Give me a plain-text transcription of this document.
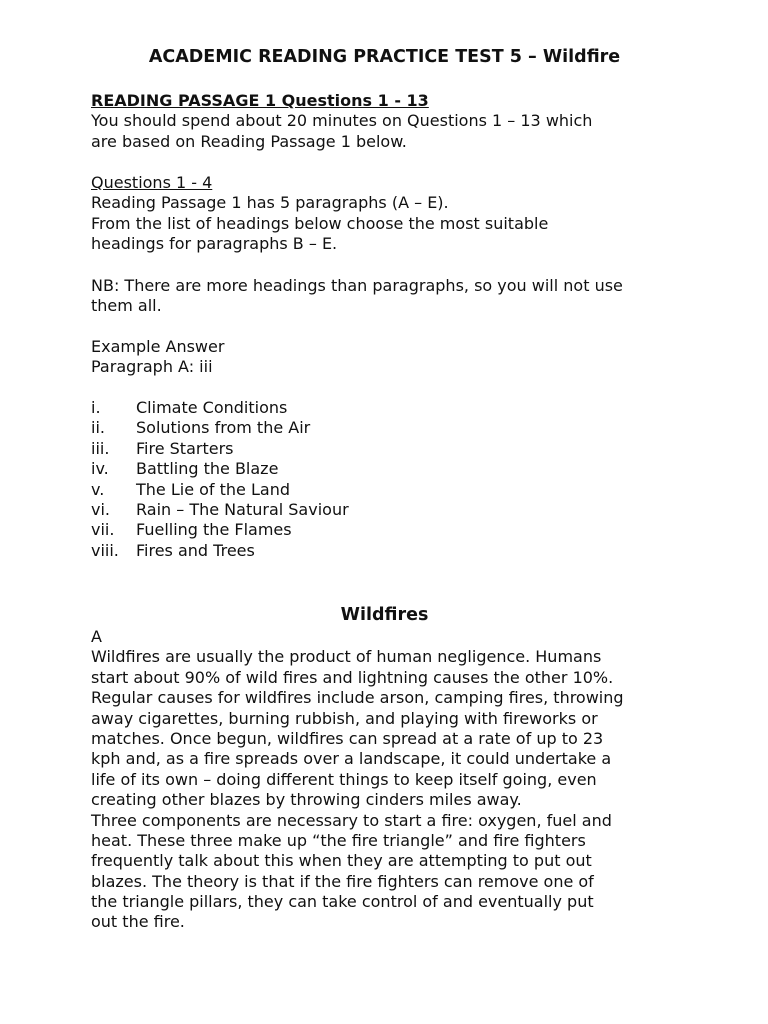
ACADEMIC READING PRACTICE TEST 5 – Wildfire
READING PASSAGE 1 Questions 1 - 13
You should spend about 20 minutes on Questions 1 – 13 which
are based on Reading Passage 1 below.
Questions 1 - 4
Reading Passage 1 has 5 paragraphs (A – E).
From the list of headings below choose the most suitable
headings for paragraphs B – E.
NB: There are more headings than paragraphs, so you will not use
them all.
Example Answer
Paragraph A: iii
i.	Climate Conditions
ii.	Solutions from the Air
iii.	Fire Starters
iv.	Battling the Blaze
v.	The Lie of the Land
vi.	Rain – The Natural Saviour
vii.	Fuelling the Flames
viii.	Fires and Trees
Wildfires
A
Wildfires are usually the product of human negligence. Humans
start about 90% of wild fires and lightning causes the other 10%.
Regular causes for wildfires include arson, camping fires, throwing
away cigarettes, burning rubbish, and playing with fireworks or
matches. Once begun, wildfires can spread at a rate of up to 23
kph and, as a fire spreads over a landscape, it could undertake a
life of its own – doing different things to keep itself going, even
creating other blazes by throwing cinders miles away.
Three components are necessary to start a fire: oxygen, fuel and
heat. These three make up “the fire triangle” and fire fighters
frequently talk about this when they are attempting to put out
blazes. The theory is that if the fire fighters can remove one of
the triangle pillars, they can take control of and eventually put
out the fire.
